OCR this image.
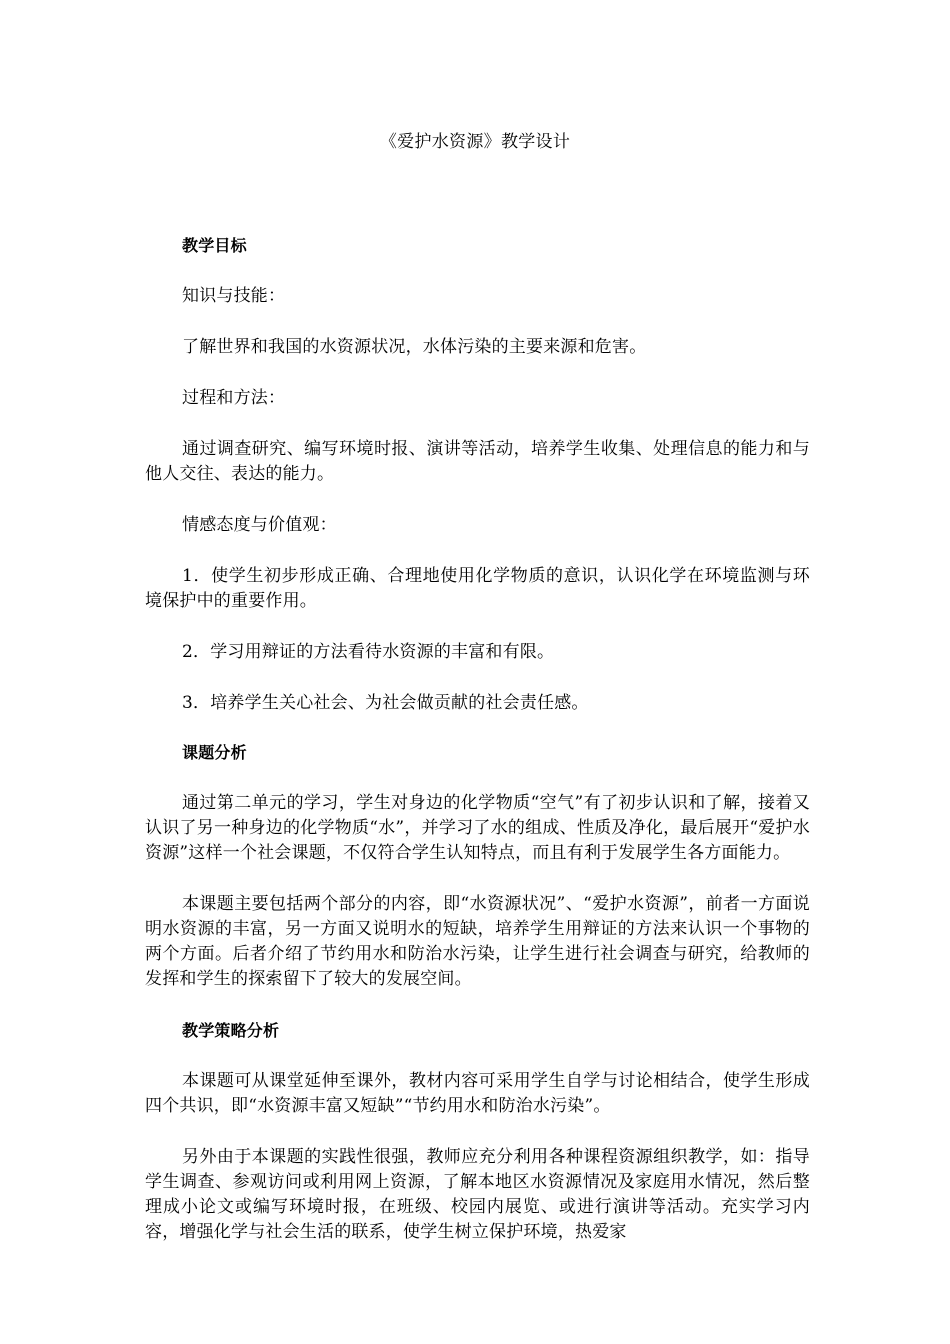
《爱护水资源》教学设计

教学目标

知识与技能：

了解世界和我国的水资源状况，水体污染的主要来源和危害。

过程和方法：

通过调查研究、编写环境时报、演讲等活动，培养学生收集、处理信息的能力和与他人交往、表达的能力。

情感态度与价值观：

1．使学生初步形成正确、合理地使用化学物质的意识，认识化学在环境监测与环境保护中的重要作用。

2．学习用辩证的方法看待水资源的丰富和有限。

3．培养学生关心社会、为社会做贡献的社会责任感。

课题分析

通过第二单元的学习，学生对身边的化学物质“空气”有了初步认识和了解，接着又认识了另一种身边的化学物质“水”，并学习了水的组成、性质及净化，最后展开“爱护水资源”这样一个社会课题，不仅符合学生认知特点，而且有利于发展学生各方面能力。

本课题主要包括两个部分的内容，即“水资源状况”、“爱护水资源”，前者一方面说明水资源的丰富，另一方面又说明水的短缺，培养学生用辩证的方法来认识一个事物的两个方面。后者介绍了节约用水和防治水污染，让学生进行社会调查与研究，给教师的发挥和学生的探索留下了较大的发展空间。

教学策略分析

本课题可从课堂延伸至课外，教材内容可采用学生自学与讨论相结合，使学生形成四个共识，即“水资源丰富又短缺”“节约用水和防治水污染”。

另外由于本课题的实践性很强，教师应充分利用各种课程资源组织教学，如：指导学生调查、参观访问或利用网上资源，了解本地区水资源情况及家庭用水情况，然后整理成小论文或编写环境时报，在班级、校园内展览、或进行演讲等活动。充实学习内容，增强化学与社会生活的联系，使学生树立保护环境，热爱家
